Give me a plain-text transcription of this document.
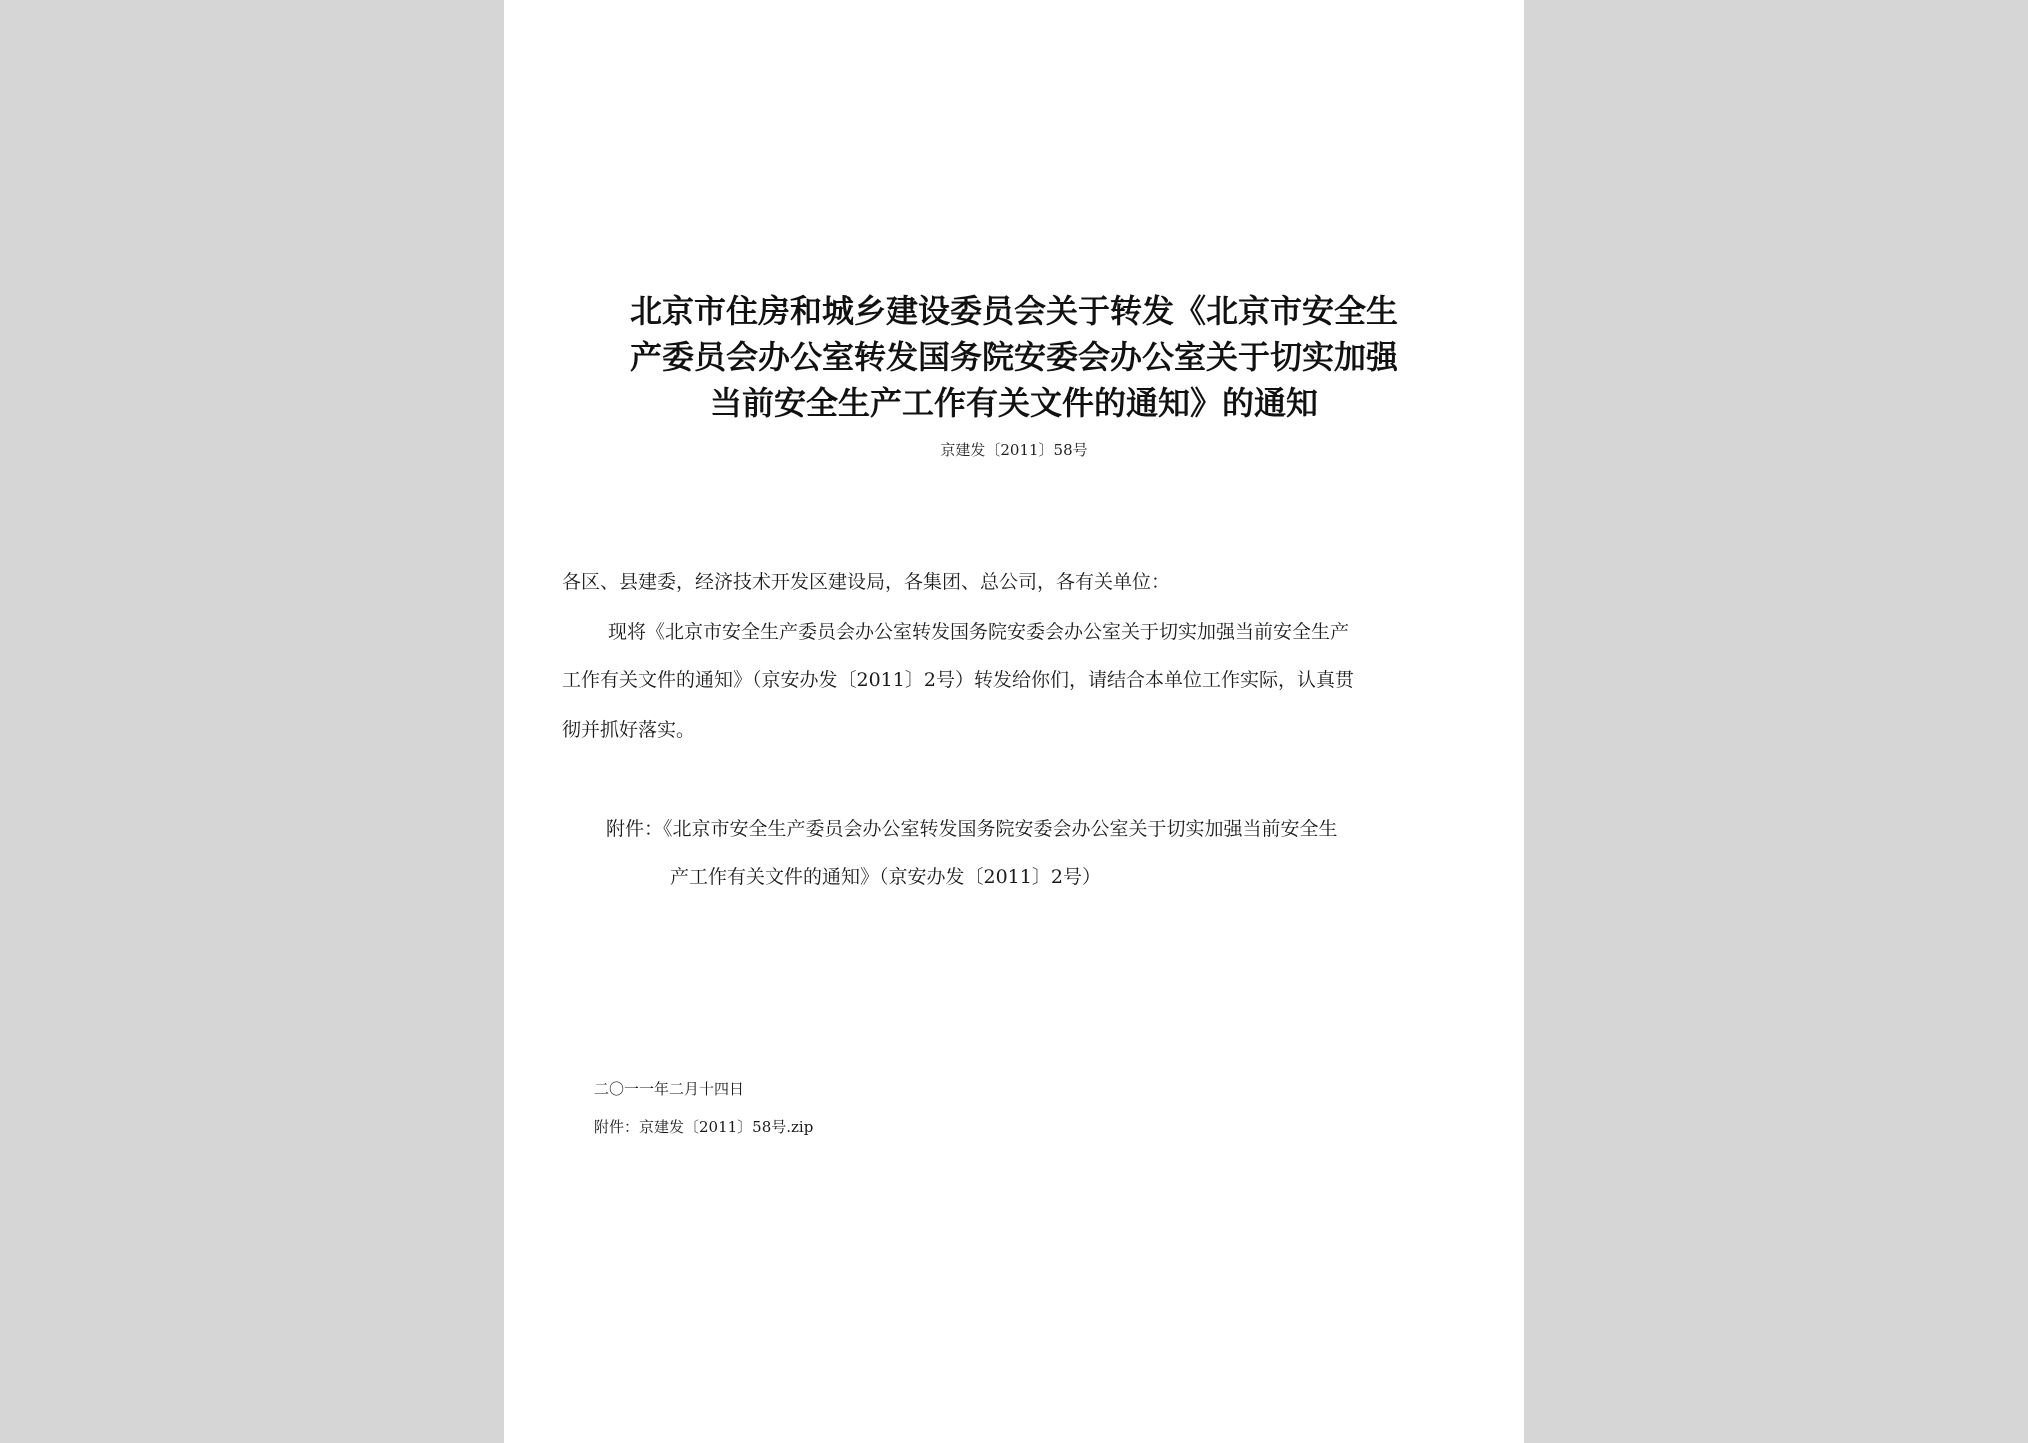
北京市住房和城乡建设委员会关于转发《北京市安全生
产委员会办公室转发国务院安委会办公室关于切实加强
当前安全生产工作有关文件的通知》的通知
京建发〔2011〕58号
各区、县建委，经济技术开发区建设局，各集团、总公司，各有关单位：
现将《北京市安全生产委员会办公室转发国务院安委会办公室关于切实加强当前安全生产
工作有关文件的通知》（京安办发〔2011〕2号）转发给你们，请结合本单位工作实际，认真贯
彻并抓好落实。
附件：《北京市安全生产委员会办公室转发国务院安委会办公室关于切实加强当前安全生
产工作有关文件的通知》（京安办发〔2011〕2号）
二〇一一年二月十四日
附件：京建发〔2011〕58号.zip
